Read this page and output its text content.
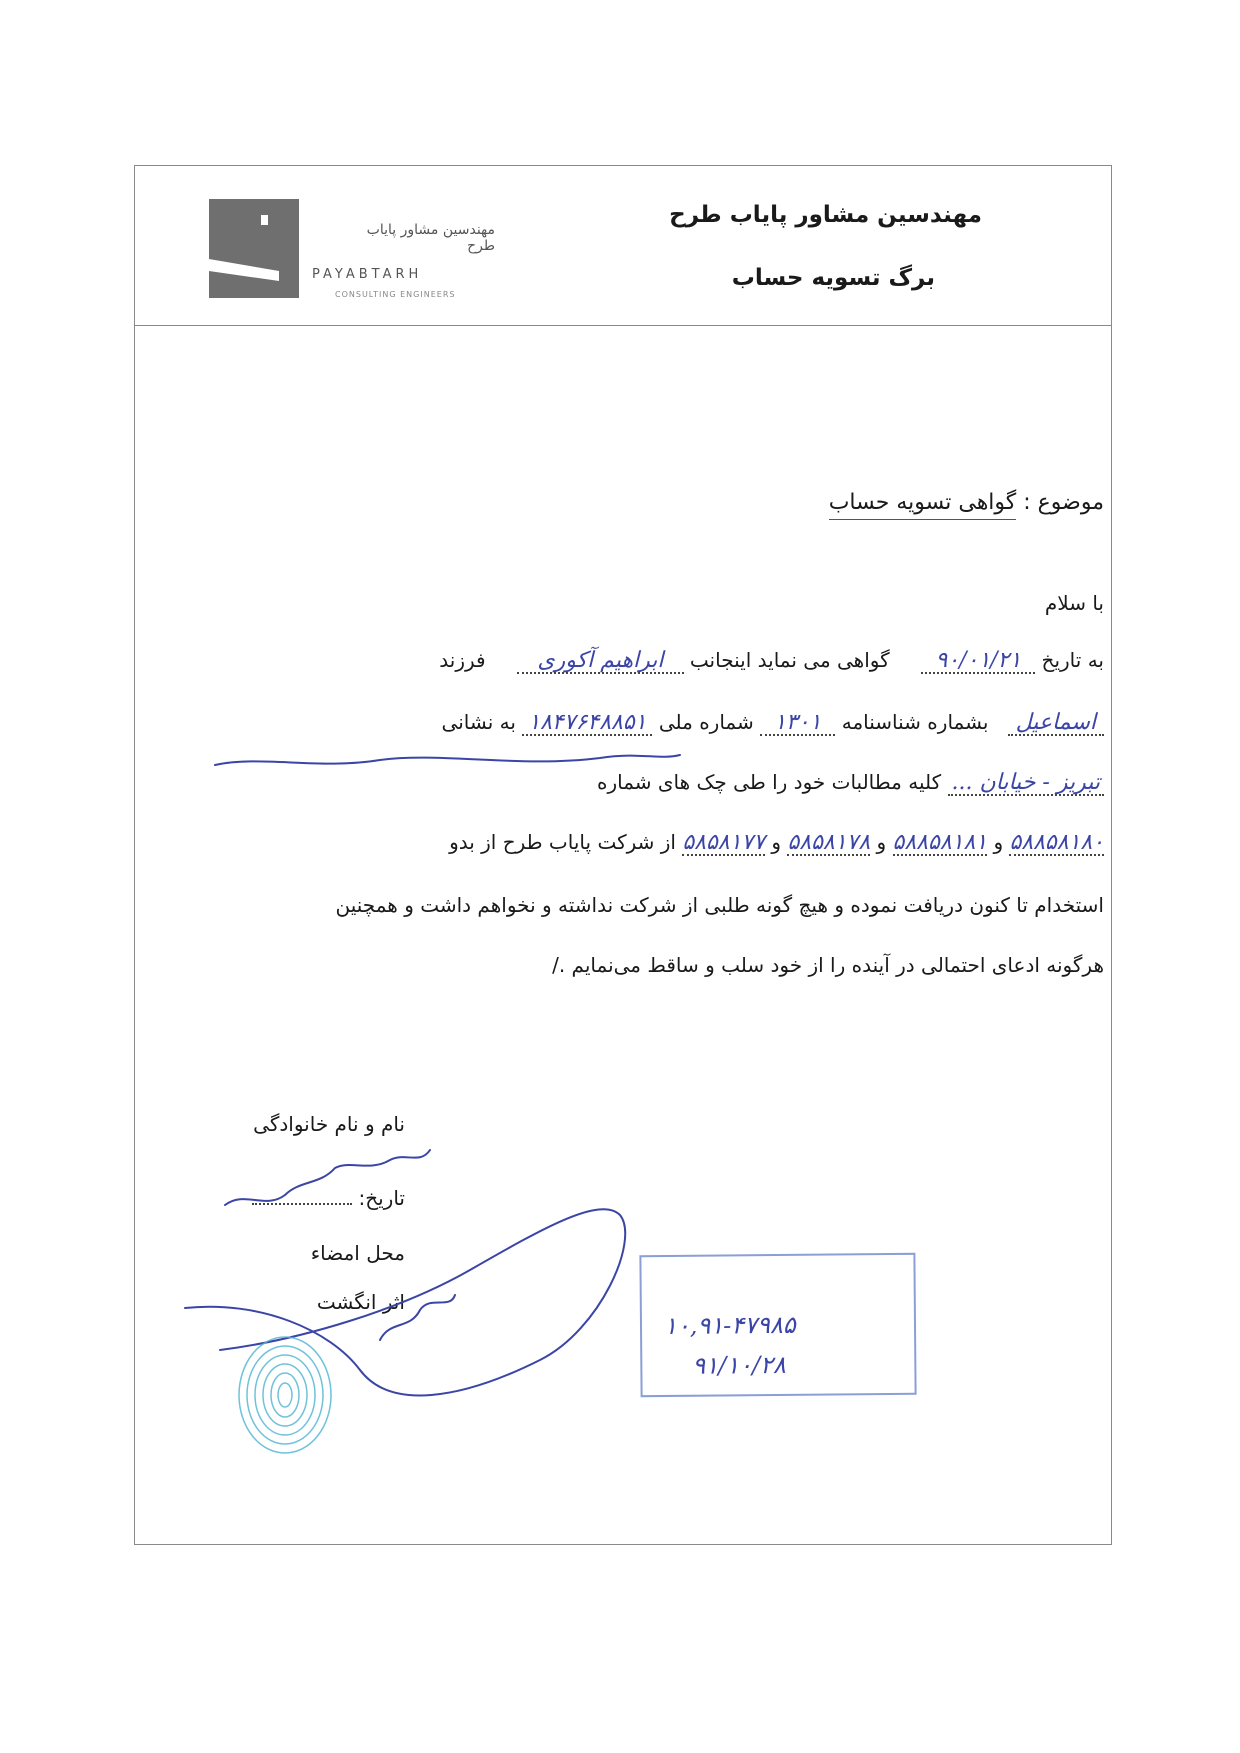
مهندسین مشاور پایاب طرح
PAYABTARH
CONSULTING ENGINEERS
مهندسین مشاور پایاب طرح
برگ تسویه حساب
موضوع : گواهی تسویه حساب
با سلام
به تاریخ ۹۰/۰۱/۲۱     گواهی می نماید اینجانب ابراهیم آکوری     فرزند
اسماعیل   بشماره شناسنامه ۱۳۰۱ شماره ملی ۱۸۴۷۶۴۸۸۵۱ به نشانی
تبریز - خیابان ... کلیه مطالبات خود را طی چک های شماره
۵۸۸۵۸۱۸۰ و ۵۸۸۵۸۱۸۱ و ۵۸۵۸۱۷۸ و ۵۸۵۸۱۷۷ از شرکت پایاب طرح از بدو
استخدام تا کنون دریافت نموده و هیچ گونه طلبی از شرکت نداشته و نخواهم داشت و همچنین
هرگونه ادعای احتمالی در آینده را از خود سلب و ساقط می‌نمایم ./
نام و نام خانوادگی
تاریخ:
محل امضاء
اثر انگشت
۱۰,۹۱-۴۷۹۸۵
۹۱/۱۰/۲۸
